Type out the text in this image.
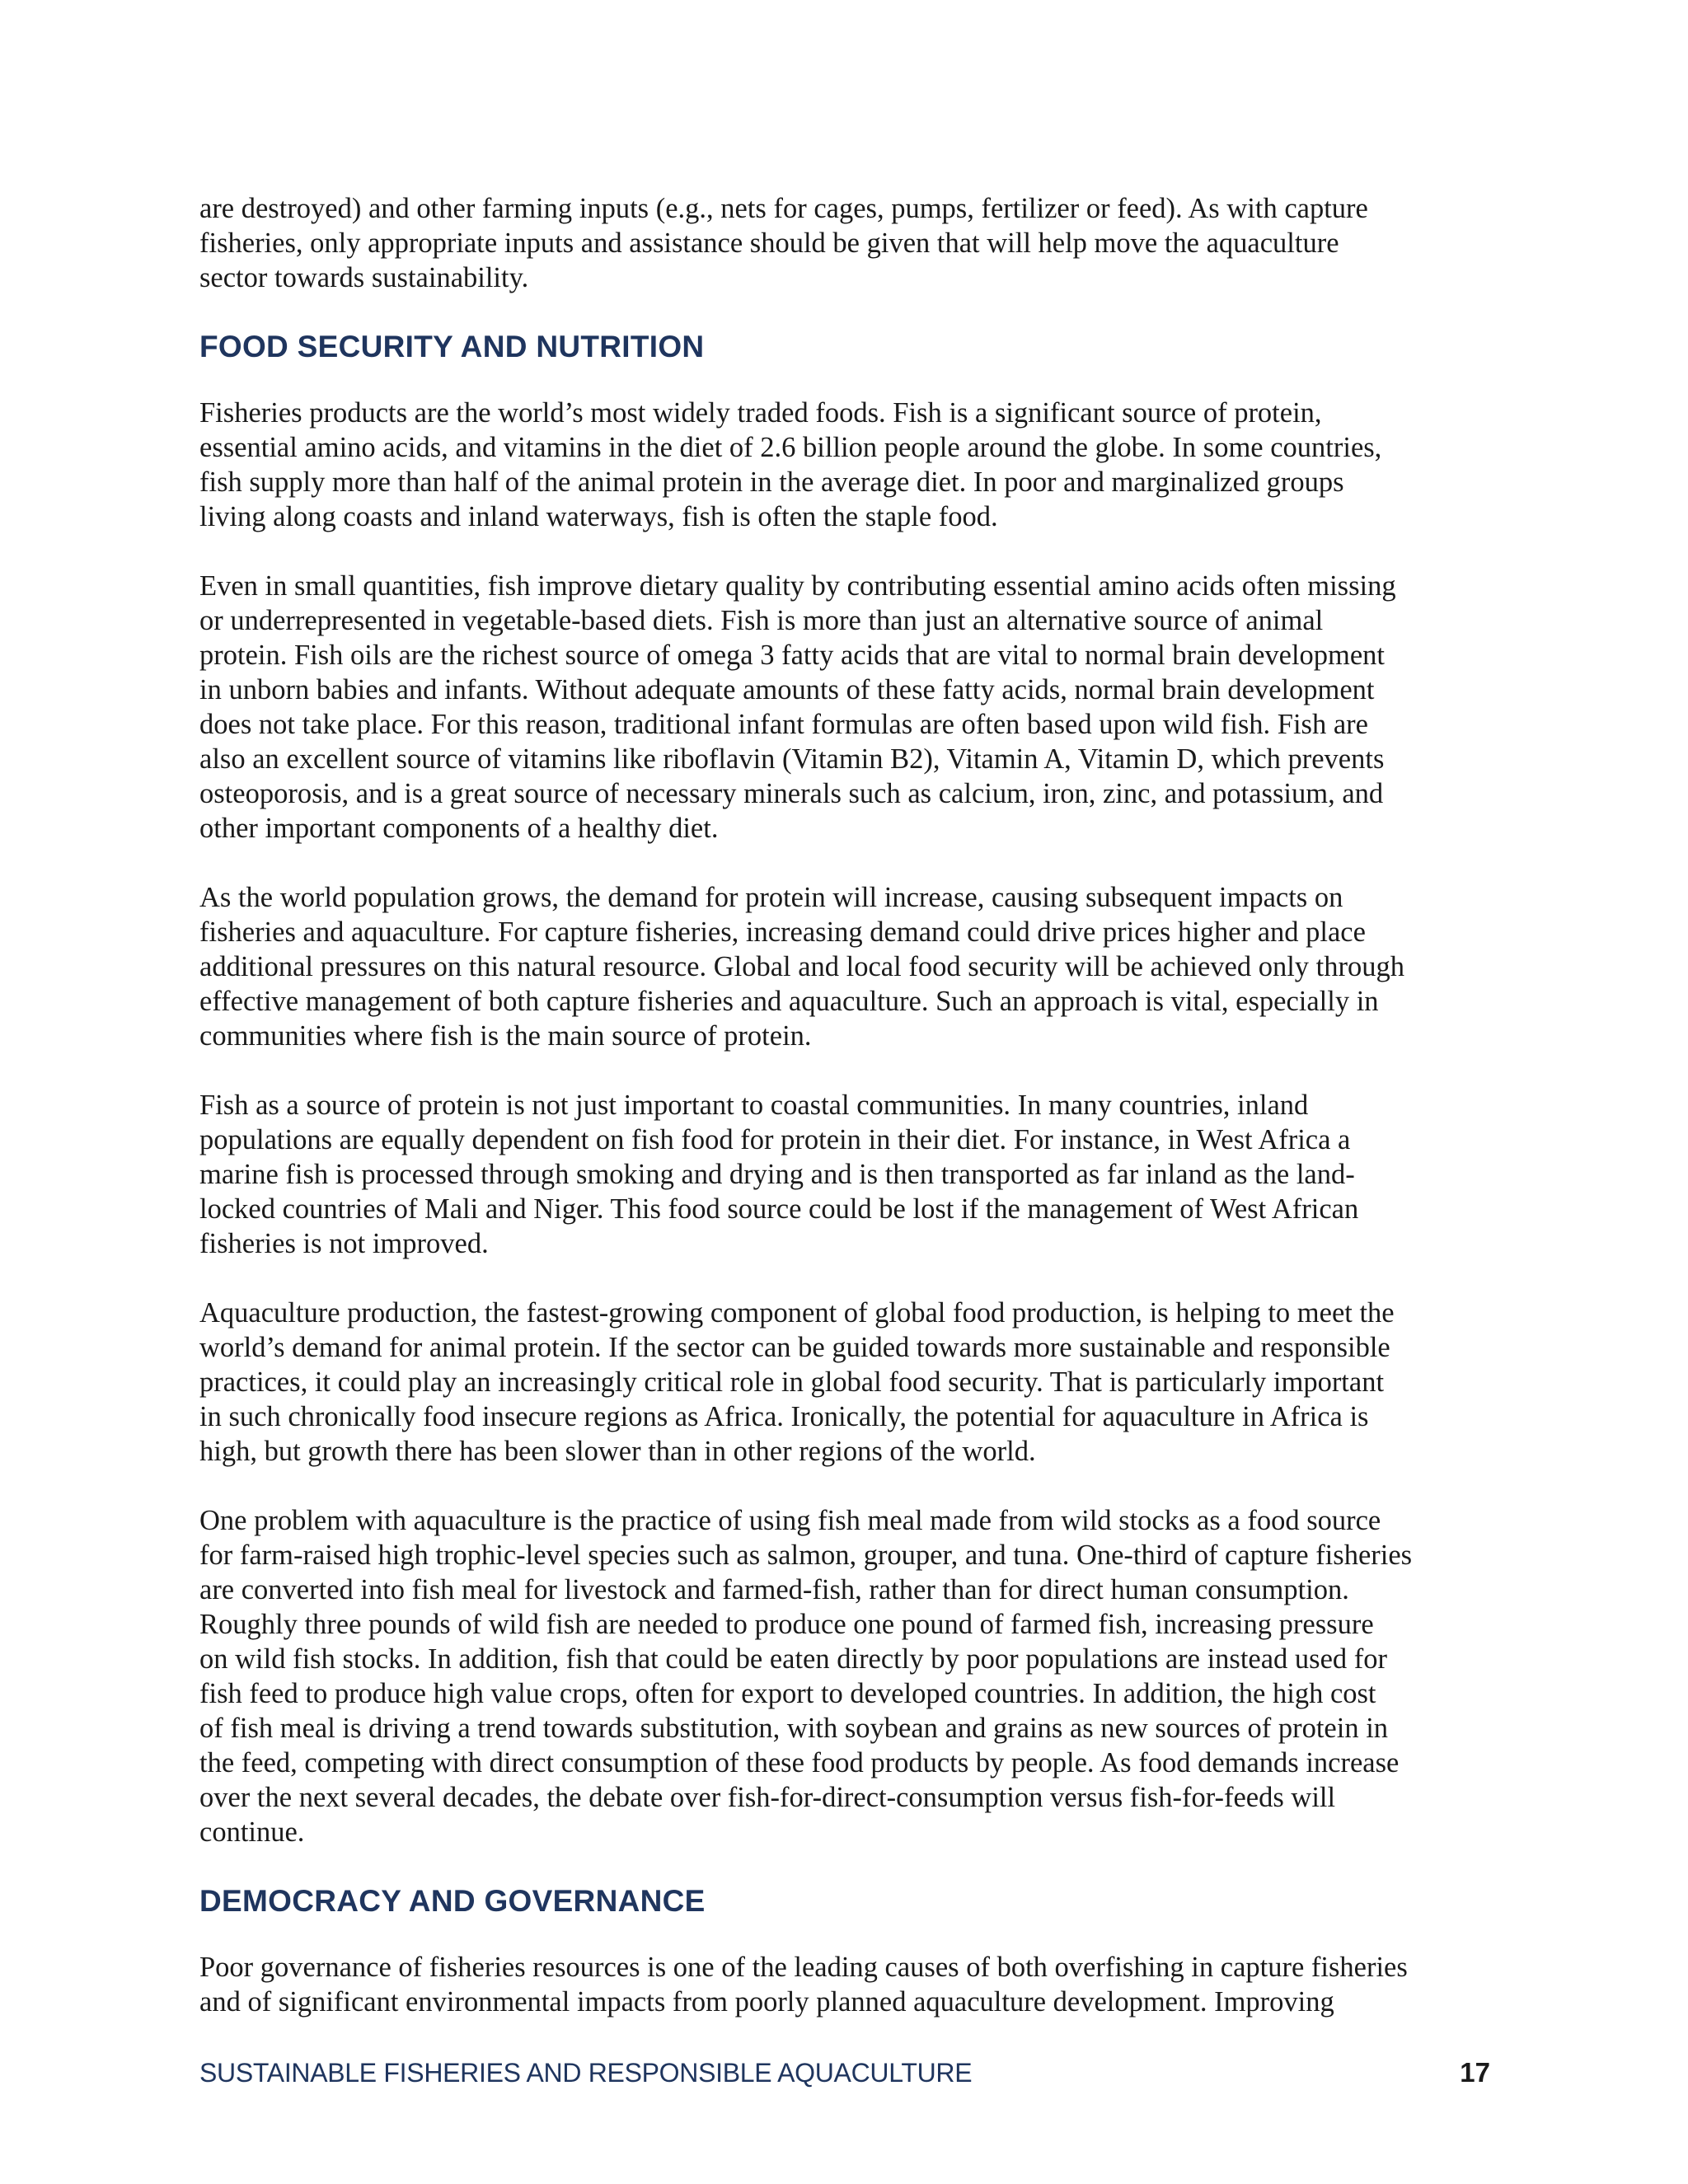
are destroyed) and other farming inputs (e.g., nets for cages, pumps, fertilizer or feed). As with capture
fisheries, only appropriate inputs and assistance should be given that will help move the aquaculture
sector towards sustainability.

FOOD SECURITY AND NUTRITION

Fisheries products are the world’s most widely traded foods. Fish is a significant source of protein,
essential amino acids, and vitamins in the diet of 2.6 billion people around the globe. In some countries,
fish supply more than half of the animal protein in the average diet. In poor and marginalized groups
living along coasts and inland waterways, fish is often the staple food.

Even in small quantities, fish improve dietary quality by contributing essential amino acids often missing
or underrepresented in vegetable-based diets. Fish is more than just an alternative source of animal
protein. Fish oils are the richest source of omega 3 fatty acids that are vital to normal brain development
in unborn babies and infants. Without adequate amounts of these fatty acids, normal brain development
does not take place. For this reason, traditional infant formulas are often based upon wild fish. Fish are
also an excellent source of vitamins like riboflavin (Vitamin B2), Vitamin A, Vitamin D, which prevents
osteoporosis, and is a great source of necessary minerals such as calcium, iron, zinc, and potassium, and
other important components of a healthy diet.

As the world population grows, the demand for protein will increase, causing subsequent impacts on
fisheries and aquaculture. For capture fisheries, increasing demand could drive prices higher and place
additional pressures on this natural resource. Global and local food security will be achieved only through
effective management of both capture fisheries and aquaculture. Such an approach is vital, especially in
communities where fish is the main source of protein.

Fish as a source of protein is not just important to coastal communities. In many countries, inland
populations are equally dependent on fish food for protein in their diet. For instance, in West Africa a
marine fish is processed through smoking and drying and is then transported as far inland as the land-
locked countries of Mali and Niger. This food source could be lost if the management of West African
fisheries is not improved.

Aquaculture production, the fastest-growing component of global food production, is helping to meet the
world’s demand for animal protein. If the sector can be guided towards more sustainable and responsible
practices, it could play an increasingly critical role in global food security. That is particularly important
in such chronically food insecure regions as Africa. Ironically, the potential for aquaculture in Africa is
high, but growth there has been slower than in other regions of the world.

One problem with aquaculture is the practice of using fish meal made from wild stocks as a food source
for farm-raised high trophic-level species such as salmon, grouper, and tuna. One-third of capture fisheries
are converted into fish meal for livestock and farmed-fish, rather than for direct human consumption.
Roughly three pounds of wild fish are needed to produce one pound of farmed fish, increasing pressure
on wild fish stocks. In addition, fish that could be eaten directly by poor populations are instead used for
fish feed to produce high value crops, often for export to developed countries. In addition, the high cost
of fish meal is driving a trend towards substitution, with soybean and grains as new sources of protein in
the feed, competing with direct consumption of these food products by people. As food demands increase
over the next several decades, the debate over fish-for-direct-consumption versus fish-for-feeds will
continue.

DEMOCRACY AND GOVERNANCE

Poor governance of fisheries resources is one of the leading causes of both overfishing in capture fisheries
and of significant environmental impacts from poorly planned aquaculture development. Improving

SUSTAINABLE FISHERIES AND RESPONSIBLE AQUACULTURE	17
